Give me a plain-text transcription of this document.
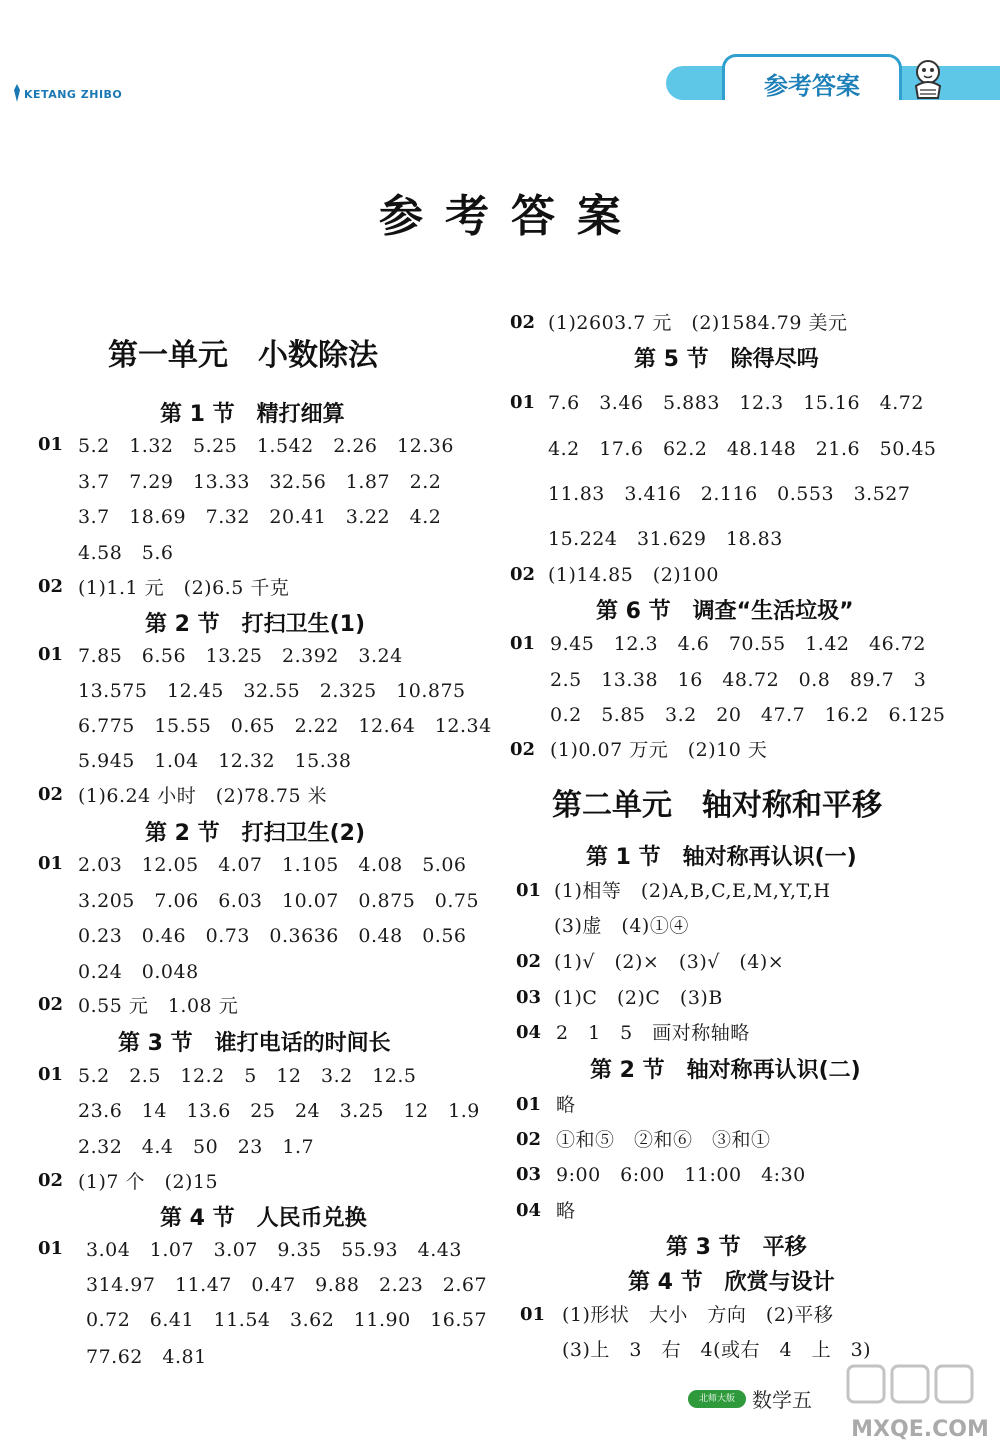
KETANG ZHIBO	参考答案
参考答案
第一单元　小数除法
第 1 节　精打细算
01 5.2　1.32　5.25　1.542　2.26　12.36
3.7　7.29　13.33　32.56　1.87　2.2
3.7　18.69　7.32　20.41　3.22　4.2
4.58　5.6
02 (1)1.1 元　(2)6.5 千克
第 2 节　打扫卫生(1)
01 7.85　6.56　13.25　2.392　3.24
13.575　12.45　32.55　2.325　10.875
6.775　15.55　0.65　2.22　12.64　12.34
5.945　1.04　12.32　15.38
02 (1)6.24 小时　(2)78.75 米
第 2 节　打扫卫生(2)
01 2.03　12.05　4.07　1.105　4.08　5.06
3.205　7.06　6.03　10.07　0.875　0.75
0.23　0.46　0.73　0.3636　0.48　0.56
0.24　0.048
02 0.55 元　1.08 元
第 3 节　谁打电话的时间长
01 5.2　2.5　12.2　5　12　3.2　12.5
23.6　14　13.6　25　24　3.25　12　1.9
2.32　4.4　50　23　1.7
02 (1)7 个　(2)15
第 4 节　人民币兑换
01 3.04　1.07　3.07　9.35　55.93　4.43
314.97　11.47　0.47　9.88　2.23　2.67
0.72　6.41　11.54　3.62　11.90　16.57
77.62　4.81
02 (1)2603.7 元　(2)1584.79 美元
第 5 节　除得尽吗
01 7.6　3.46　5.883　12.3　15.16　4.72
4.2　17.6　62.2　48.148　21.6　50.45
11.83　3.416　2.116　0.553　3.527
15.224　31.629　18.83
02 (1)14.85　(2)100
第 6 节　调查“生活垃圾”
01 9.45　12.3　4.6　70.55　1.42　46.72
2.5　13.38　16　48.72　0.8　89.7　3
0.2　5.85　3.2　20　47.7　16.2　6.125
02 (1)0.07 万元　(2)10 天
第二单元　轴对称和平移
第 1 节　轴对称再认识(一)
01 (1)相等　(2)A,B,C,E,M,Y,T,H
(3)虚　(4)①④
02 (1)√　(2)×　(3)√　(4)×
03 (1)C　(2)C　(3)B
04 2　1　5　画对称轴略
第 2 节　轴对称再认识(二)
01 略
02 ①和⑤　②和⑥　③和①
03 9:00　6:00　11:00　4:30
04 略
第 3 节　平移
第 4 节　欣赏与设计
01 (1)形状　大小　方向　(2)平移
(3)上　3　右　4(或右　4　上　3)
北师大版 数学五
MXQE.COM
